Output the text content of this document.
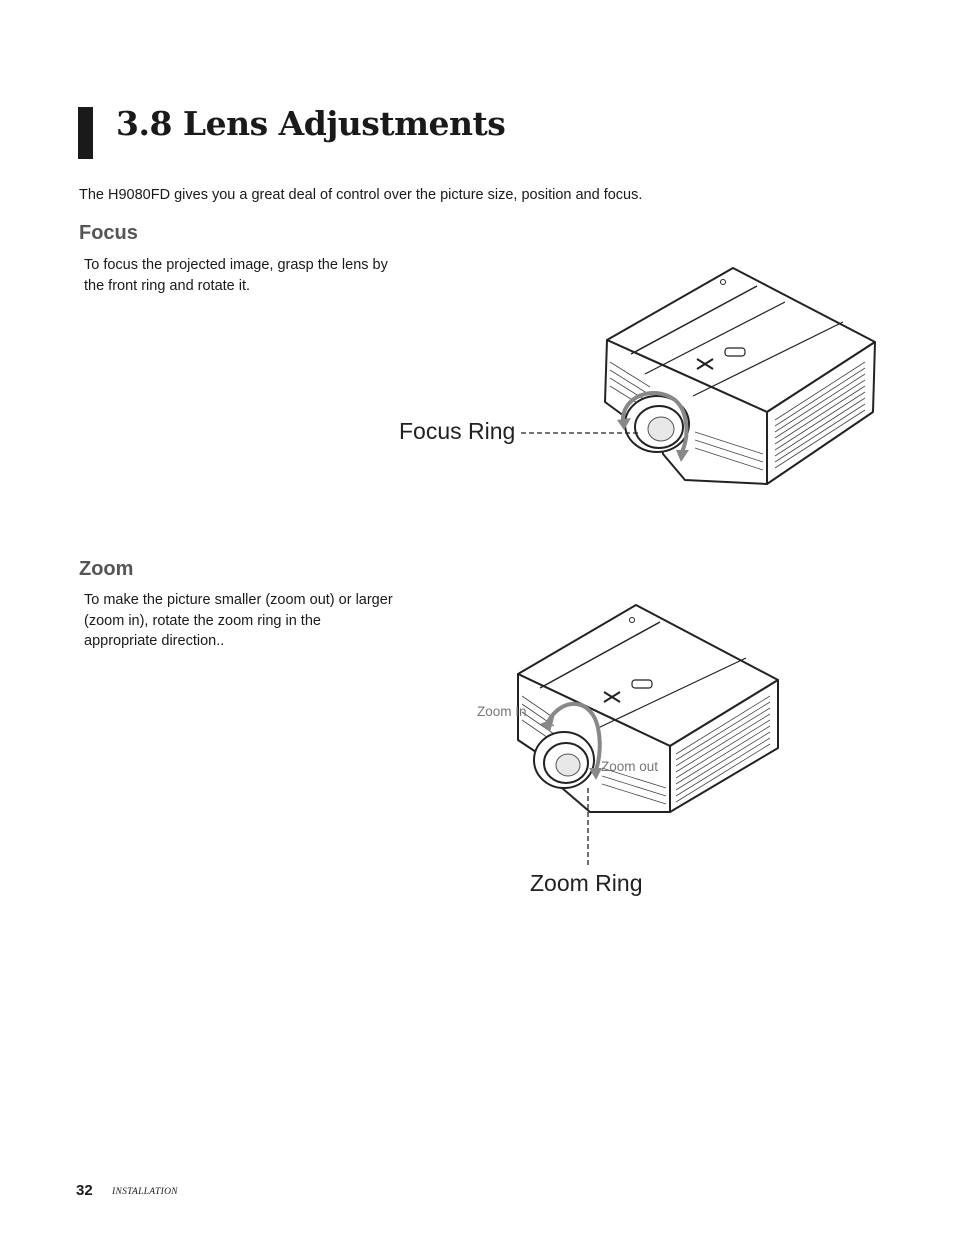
3.8 Lens Adjustments

The H9080FD gives you a great deal of control over the picture size, position and focus.

Focus

To focus the projected image, grasp the lens by the front ring and rotate it.

Focus Ring
Zoom

To make the picture smaller (zoom out) or larger (zoom in), rotate the zoom ring in the appropriate direction..

Zoom In
Zoom out
Zoom Ring
32 INSTALLATION
